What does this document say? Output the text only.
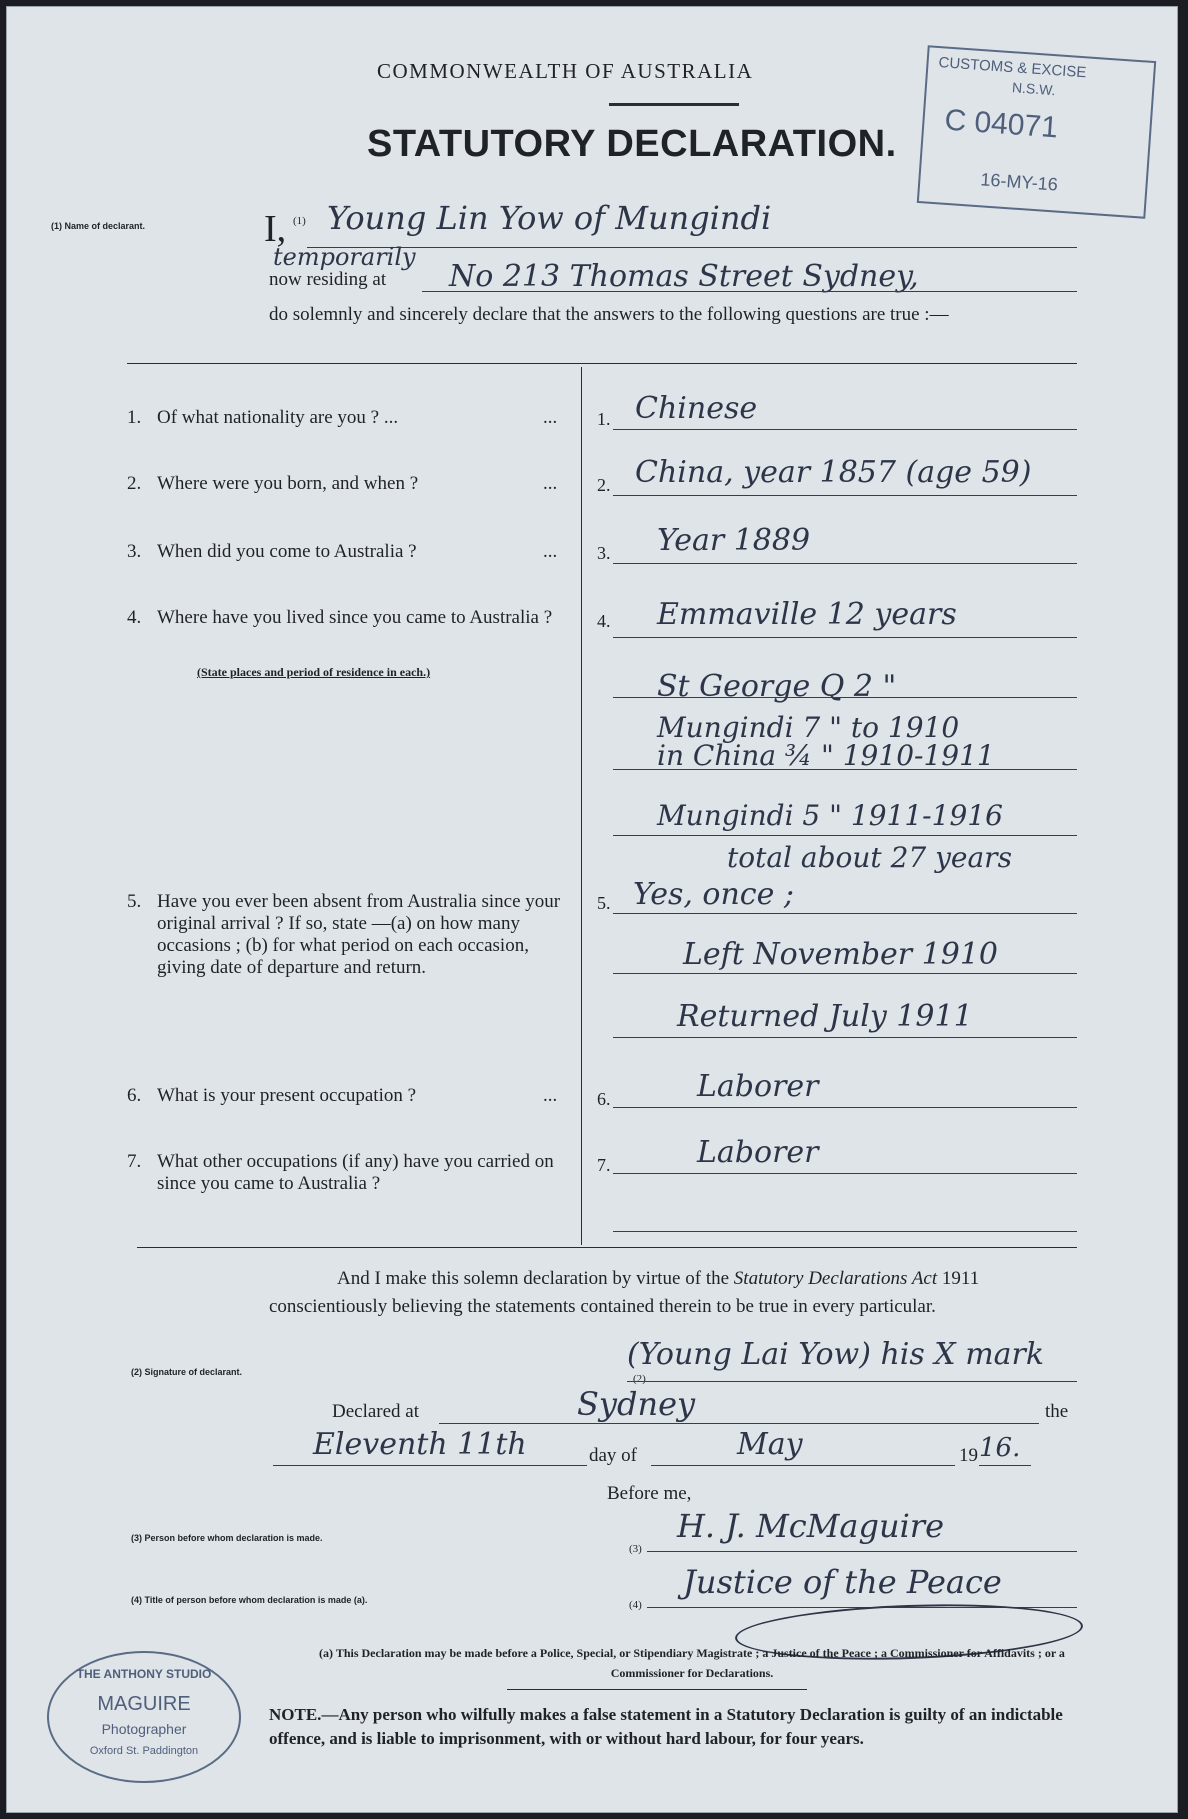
COMMONWEALTH OF AUSTRALIA
STATUTORY DECLARATION.
CUSTOMS & EXCISE
N.S.W.
C 04071
16-MY-16
(1) Name of declarant.	I, (1) Young Lin Yow of Mungindi
temporarily
now residing at No 213 Thomas Street Sydney,
do solemnly and sincerely declare that the answers to the following questions are true :—
1. Of what nationality are you ? ...	... 1. Chinese
2. Where were you born, and when ?	... 2. China, year 1857 (age 59)
3. When did you come to Australia ?	... 3. Year 1889
4. Where have you lived since you came to Australia ?
(State places and period of residence in each.)
4. Emmaville 12 years
St George Q 2 "
Mungindi 7 " to 1910
in China ¾ " 1910-1911
Mungindi 5 " 1911-1916
total about 27 years
5. Have you ever been absent from Australia since your original arrival ? If so, state —(a) on how many occasions ; (b) for what period on each occasion, giving date of departure and return.
5. Yes, once ;
Left November 1910
Returned July 1911
6. What is your present occupation ?	... 6.	Laborer
7. What other occupations (if any) have you carried on since you came to Australia ?
7.	Laborer
And I make this solemn declaration by virtue of the Statutory Declarations Act 1911 conscientiously believing the statements contained therein to be true in every particular.
(2) Signature of declarant.
(2)
(Young Lai Yow) his X mark
Declared at	Sydney	the
Eleventh 11th	day of	May	19 16.
Before me,
(3) Person before whom declaration is made.
(3)
H. J. McMaguire
(4) Title of person before whom declaration is made (a).	(4)
Justice of the Peace
(a) This Declaration may be made before a Police, Special, or Stipendiary Magistrate ; a Justice of the Peace ; a Commissioner for Affidavits ; or a Commissioner for Declarations.
NOTE.—Any person who wilfully makes a false statement in a Statutory Declaration is guilty of an indictable offence, and is liable to imprisonment, with or without hard labour, for four years.
THE ANTHONY STUDIO
MAGUIRE
Photographer
Oxford St. Paddington
